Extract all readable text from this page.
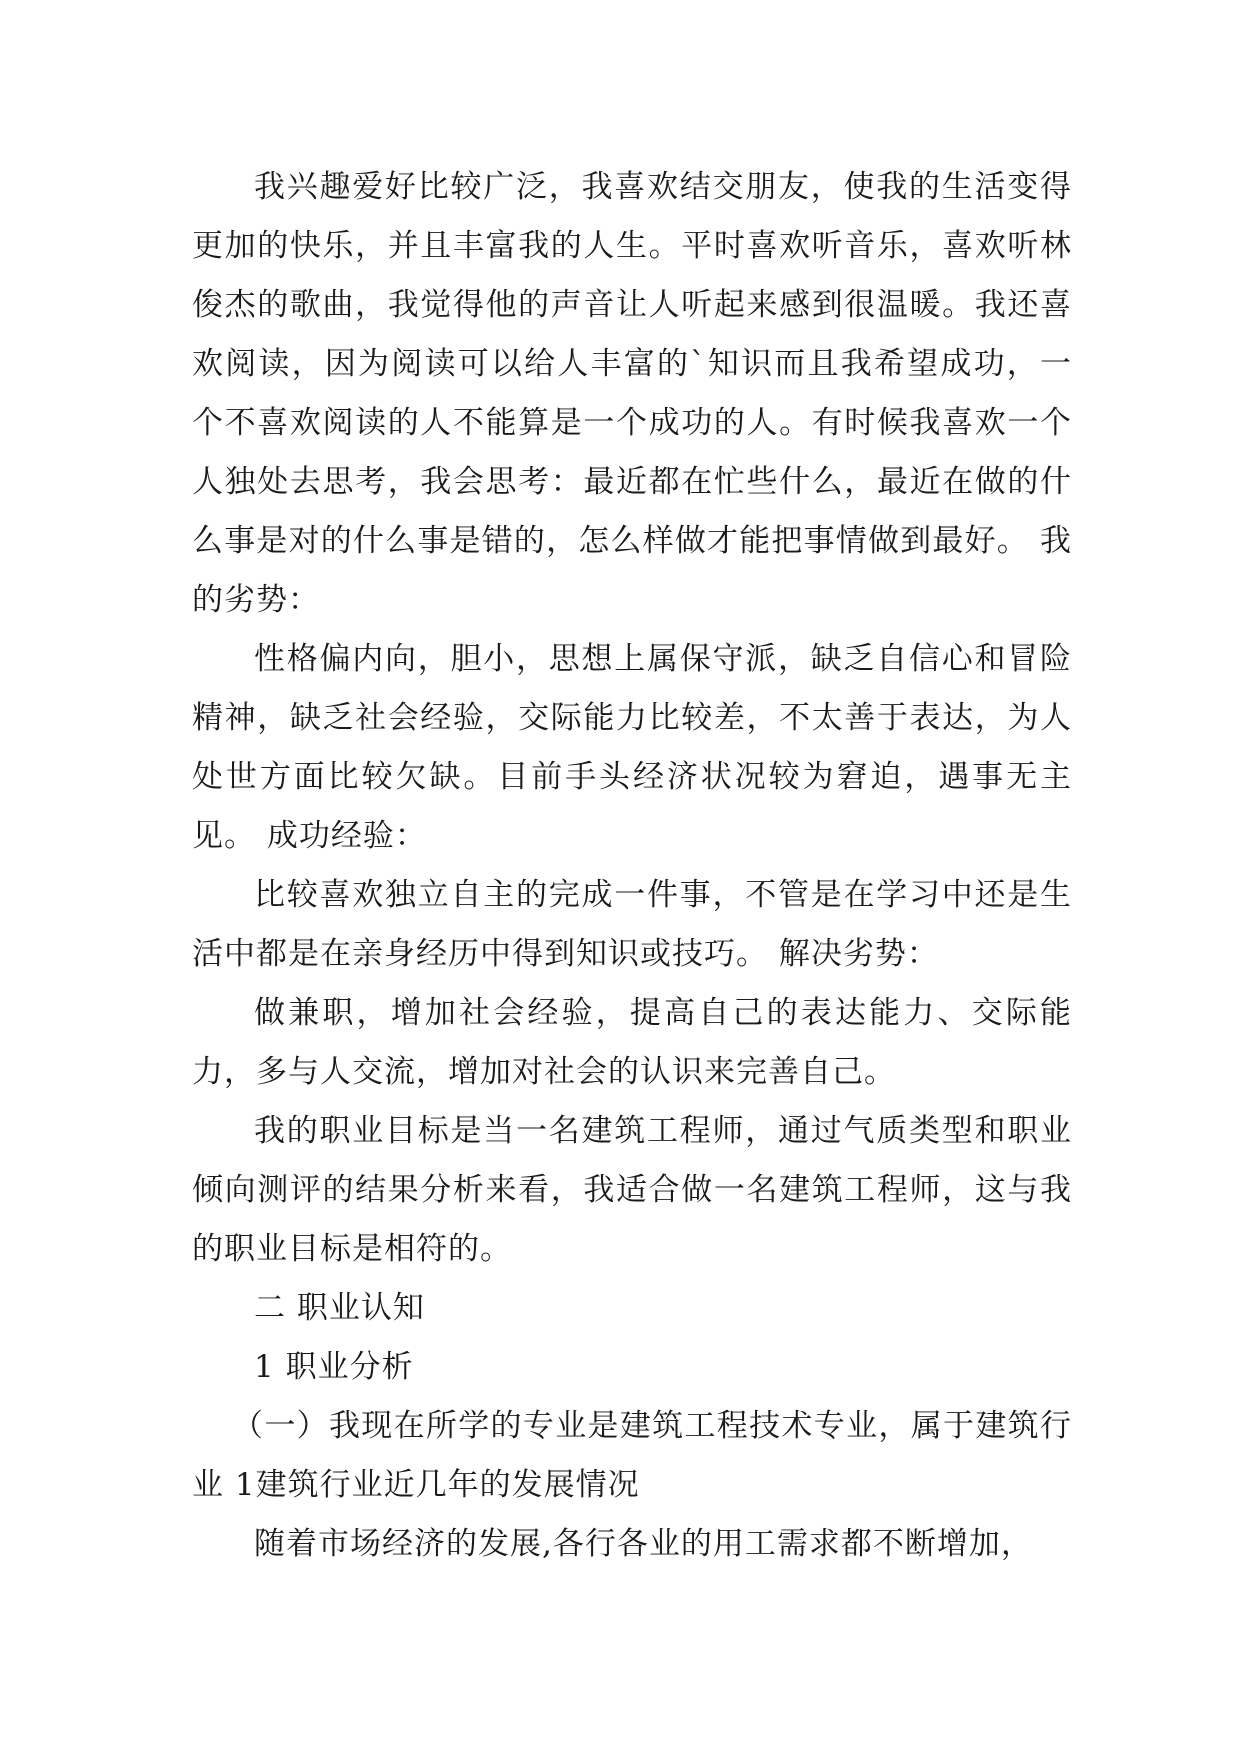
我兴趣爱好比较广泛，我喜欢结交朋友，使我的生活变得更加的快乐，并且丰富我的人生。平时喜欢听音乐，喜欢听林俊杰的歌曲，我觉得他的声音让人听起来感到很温暖。我还喜欢阅读，因为阅读可以给人丰富的`知识而且我希望成功，一个不喜欢阅读的人不能算是一个成功的人。有时候我喜欢一个人独处去思考，我会思考：最近都在忙些什么，最近在做的什么事是对的什么事是错的，怎么样做才能把事情做到最好。 我的劣势：

性格偏内向，胆小，思想上属保守派，缺乏自信心和冒险精神，缺乏社会经验，交际能力比较差，不太善于表达，为人处世方面比较欠缺。目前手头经济状况较为窘迫，遇事无主见。 成功经验：

比较喜欢独立自主的完成一件事，不管是在学习中还是生活中都是在亲身经历中得到知识或技巧。 解决劣势：

做兼职，增加社会经验，提高自己的表达能力、交际能力，多与人交流，增加对社会的认识来完善自己。

我的职业目标是当一名建筑工程师，通过气质类型和职业倾向测评的结果分析来看，我适合做一名建筑工程师，这与我的职业目标是相符的。

二 职业认知

1 职业分析

（一）我现在所学的专业是建筑工程技术专业，属于建筑行业 1建筑行业近几年的发展情况

随着市场经济的发展,各行各业的用工需求都不断增加，
